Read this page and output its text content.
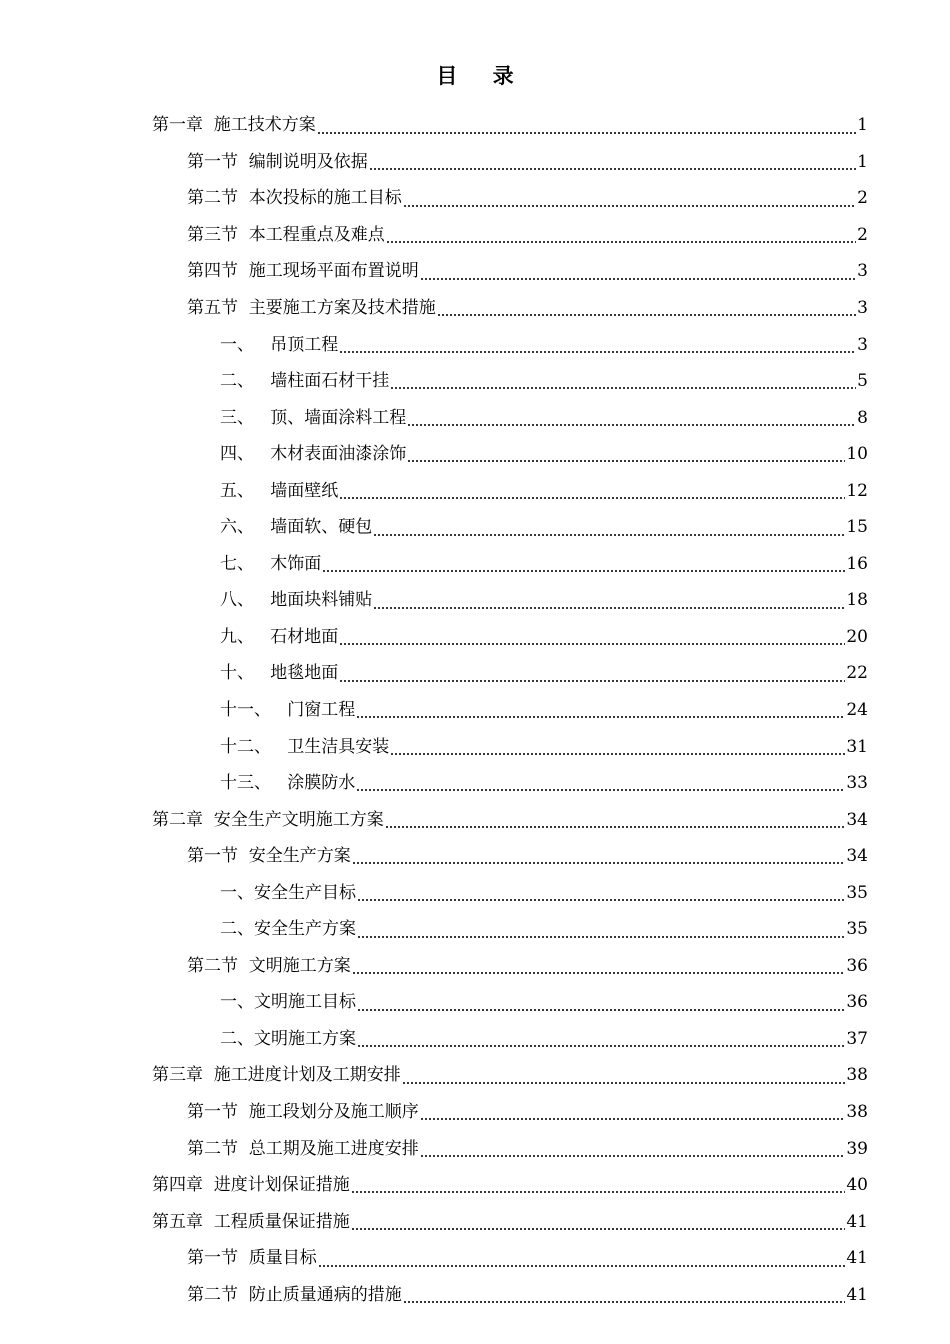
目 录
第一章  施工技术方案	1
第一节  编制说明及依据	1
第二节  本次投标的施工目标	2
第三节  本工程重点及难点	2
第四节  施工现场平面布置说明	3
第五节  主要施工方案及技术措施	3
一、   吊顶工程	3
二、   墙柱面石材干挂	5
三、   顶、墙面涂料工程	8
四、   木材表面油漆涂饰	10
五、   墙面壁纸	12
六、   墙面软、硬包	15
七、   木饰面	16
八、   地面块料铺贴	18
九、   石材地面	20
十、   地毯地面	22
十一、   门窗工程	24
十二、   卫生洁具安装	31
十三、   涂膜防水	33
第二章  安全生产文明施工方案	34
第一节  安全生产方案	34
一、安全生产目标	35
二、安全生产方案	35
第二节  文明施工方案	36
一、文明施工目标	36
二、文明施工方案	37
第三章  施工进度计划及工期安排	38
第一节  施工段划分及施工顺序	38
第二节  总工期及施工进度安排	39
第四章  进度计划保证措施	40
第五章  工程质量保证措施	41
第一节  质量目标	41
第二节  防止质量通病的措施	41
